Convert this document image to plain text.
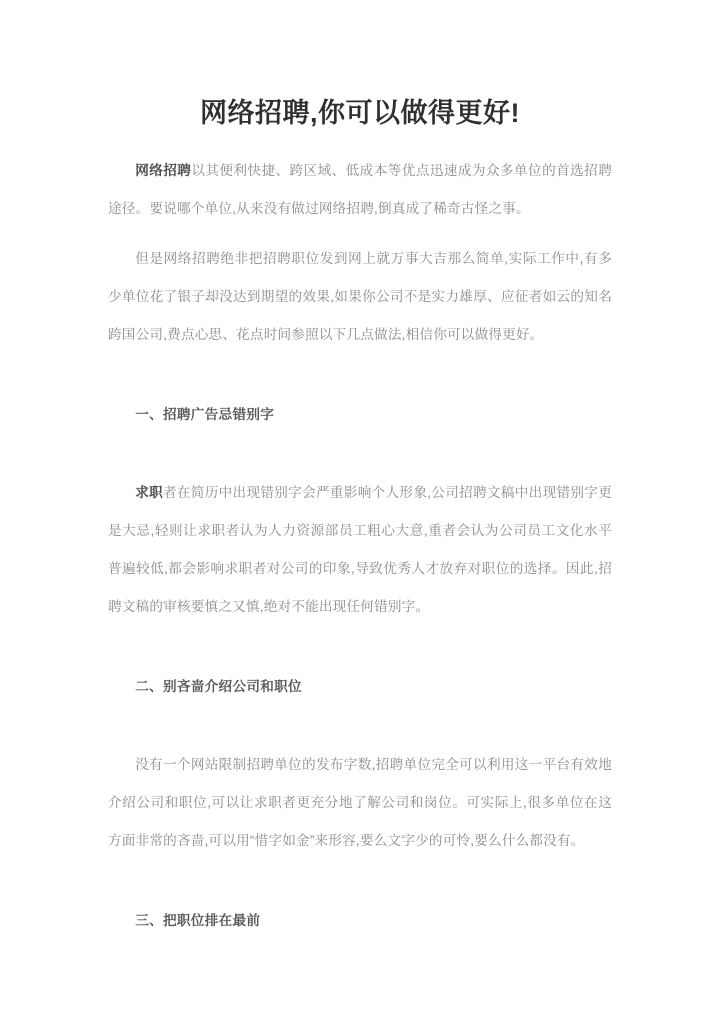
网络招聘,你可以做得更好!

网络招聘以其便利快捷、跨区域、低成本等优点迅速成为众多单位的首选招聘途径。要说哪个单位,从来没有做过网络招聘,倒真成了稀奇古怪之事。

但是网络招聘绝非把招聘职位发到网上就万事大吉那么简单,实际工作中,有多少单位花了银子却没达到期望的效果,如果你公司不是实力雄厚、应征者如云的知名跨国公司,费点心思、花点时间参照以下几点做法,相信你可以做得更好。

一、招聘广告忌错别字

求职者在简历中出现错别字会严重影响个人形象,公司招聘文稿中出现错别字更是大忌,轻则让求职者认为人力资源部员工粗心大意,重者会认为公司员工文化水平普遍较低,都会影响求职者对公司的印象,导致优秀人才放弃对职位的选择。因此,招聘文稿的审核要慎之又慎,绝对不能出现任何错别字。

二、别吝啬介绍公司和职位

没有一个网站限制招聘单位的发布字数,招聘单位完全可以利用这一平台有效地介绍公司和职位,可以让求职者更充分地了解公司和岗位。可实际上,很多单位在这方面非常的吝啬,可以用“惜字如金”来形容,要么文字少的可怜,要么什么都没有。

三、把职位排在最前
